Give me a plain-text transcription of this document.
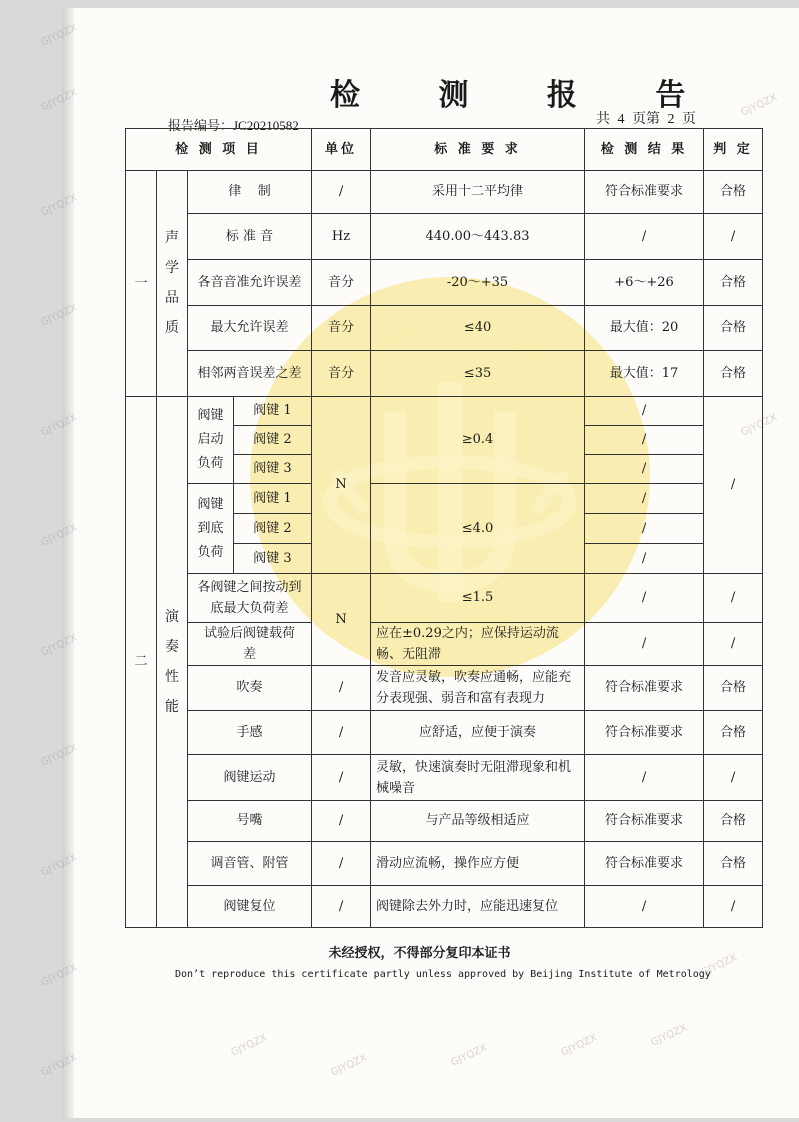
GJYQZX
GJYQZX
GJYQZX
GJYQZX
GJYQZX
GJYQZX
GJYQZX
GJYQZX
GJYQZX
GJYQZX
GJYQZX
GJYQZX	GJYQZX
GJYQZX
GJYQZX
GJYQZX
GJYQZX
GJYQZX
GJYQZX
检 测 报 告
报告编号：JC20210582	共 4 页第 2 页
检 测 项 目				单位	标 准 要 求	检 测 结 果	判 定
一	声学品质	律    制		/	采用十二平均律	符合标准要求	合格
		标 准 音		Hz	440.00～443.83	/	/
		各音音准允许误差		音分	-20～+35	+6～+26	合格
		最大允许误差		音分	≤40	最大值：20	合格
		相邻两音误差之差		音分	≤35	最大值：17	合格
二	演奏性能	阀键启动负荷	阀键 1	N	≥0.4	/	/
			阀键 2			/	
			阀键 3			/	
		阀键到底负荷	阀键 1		≤4.0	/	
			阀键 2			/	
			阀键 3			/	
		各阀键之间按动到底最大负荷差		N	≤1.5	/	/
		试验后阀键载荷差			应在±0.29之内；应保持运动流畅、无阻滞	/	/
		吹奏		/	发音应灵敏，吹奏应通畅，应能充分表现强、弱音和富有表现力	符合标准要求	合格
		手感		/	应舒适，应便于演奏	符合标准要求	合格
		阀键运动		/	灵敏，快速演奏时无阻滞现象和机械噪音	/	/
		号嘴		/	与产品等级相适应	符合标准要求	合格
		调音管、附管		/	滑动应流畅，操作应方便	符合标准要求	合格
		阀键复位		/	阀键除去外力时，应能迅速复位	/	/
未经授权，不得部分复印本证书
Don’t reproduce this certificate partly unless approved by Beijing Institute of Metrology
